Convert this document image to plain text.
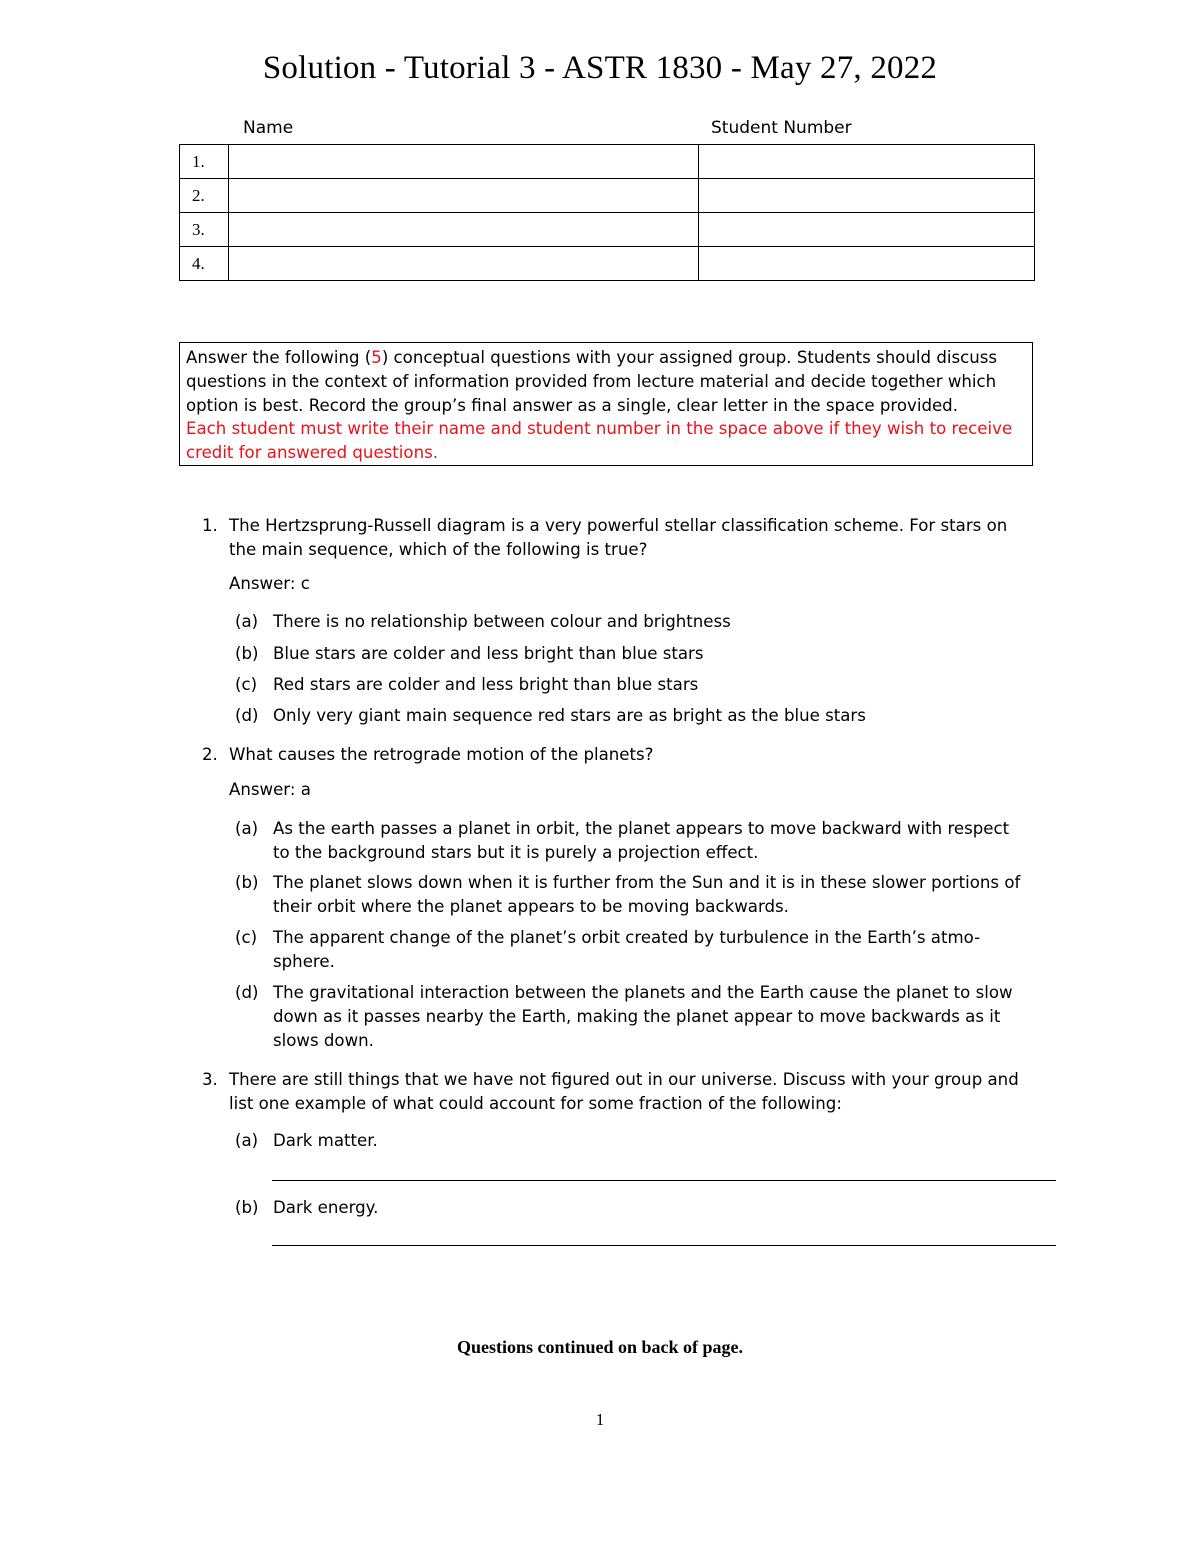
Solution - Tutorial 3 - ASTR 1830 - May 27, 2022
Name	Student Number
1.		
2.		
3.		
4.		
Answer the following (5) conceptual questions with your assigned group. Students should discuss questions in the context of information provided from lecture material and decide together which option is best. Record the group’s final answer as a single, clear letter in the space provided.
Each student must write their name and student number in the space above if they wish to receive credit for answered questions.
1. The Hertzsprung-Russell diagram is a very powerful stellar classification scheme. For stars on the main sequence, which of the following is true?
Answer: c
(a) There is no relationship between colour and brightness
(b) Blue stars are colder and less bright than blue stars
(c) Red stars are colder and less bright than blue stars
(d) Only very giant main sequence red stars are as bright as the blue stars
2. What causes the retrograde motion of the planets?
Answer: a
(a) As the earth passes a planet in orbit, the planet appears to move backward with respect to the background stars but it is purely a projection effect.
(b) The planet slows down when it is further from the Sun and it is in these slower portions of their orbit where the planet appears to be moving backwards.
(c) The apparent change of the planet’s orbit created by turbulence in the Earth’s atmo-sphere.
(d) The gravitational interaction between the planets and the Earth cause the planet to slow down as it passes nearby the Earth, making the planet appear to move backwards as it slows down.
3. There are still things that we have not figured out in our universe. Discuss with your group and list one example of what could account for some fraction of the following:
(a) Dark matter.
(b) Dark energy.
Questions continued on back of page.
1
